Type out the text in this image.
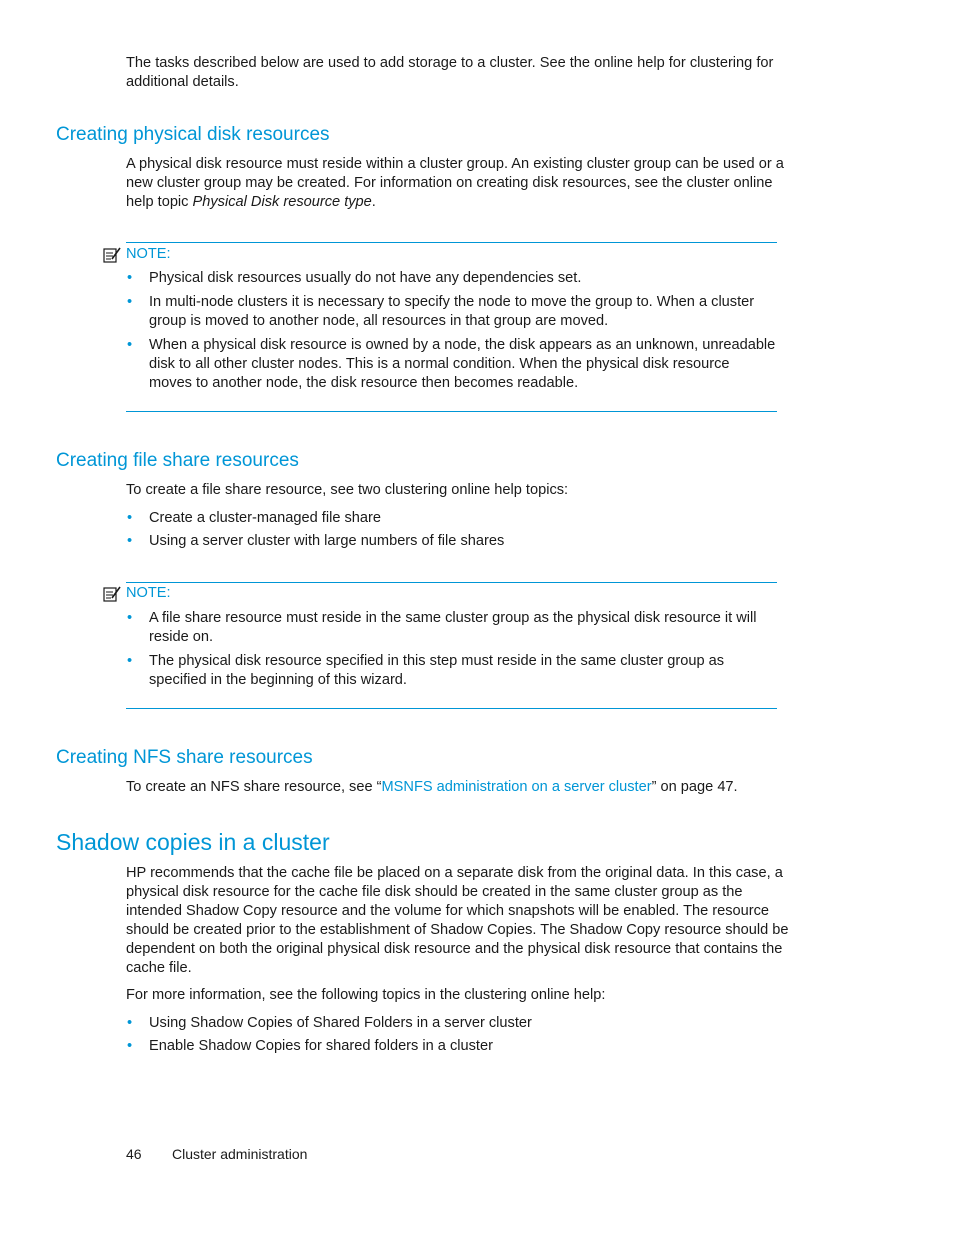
The tasks described below are used to add storage to a cluster. See the online help for clustering for additional details.

Creating physical disk resources

A physical disk resource must reside within a cluster group. An existing cluster group can be used or a new cluster group may be created. For information on creating disk resources, see the cluster online help topic Physical Disk resource type.

NOTE:
• Physical disk resources usually do not have any dependencies set.
• In multi-node clusters it is necessary to specify the node to move the group to. When a cluster group is moved to another node, all resources in that group are moved.
• When a physical disk resource is owned by a node, the disk appears as an unknown, unreadable disk to all other cluster nodes. This is a normal condition. When the physical disk resource moves to another node, the disk resource then becomes readable.
Creating file share resources

To create a file share resource, see two clustering online help topics:

• Create a cluster-managed file share
• Using a server cluster with large numbers of file shares
NOTE:
• A file share resource must reside in the same cluster group as the physical disk resource it will reside on.
• The physical disk resource specified in this step must reside in the same cluster group as specified in the beginning of this wizard.
Creating NFS share resources

To create an NFS share resource, see “MSNFS administration on a server cluster” on page 47.

Shadow copies in a cluster

HP recommends that the cache file be placed on a separate disk from the original data. In this case, a physical disk resource for the cache file disk should be created in the same cluster group as the intended Shadow Copy resource and the volume for which snapshots will be enabled. The resource should be created prior to the establishment of Shadow Copies. The Shadow Copy resource should be dependent on both the original physical disk resource and the physical disk resource that contains the cache file.

For more information, see the following topics in the clustering online help:

• Using Shadow Copies of Shared Folders in a server cluster
• Enable Shadow Copies for shared folders in a cluster
46 Cluster administration
